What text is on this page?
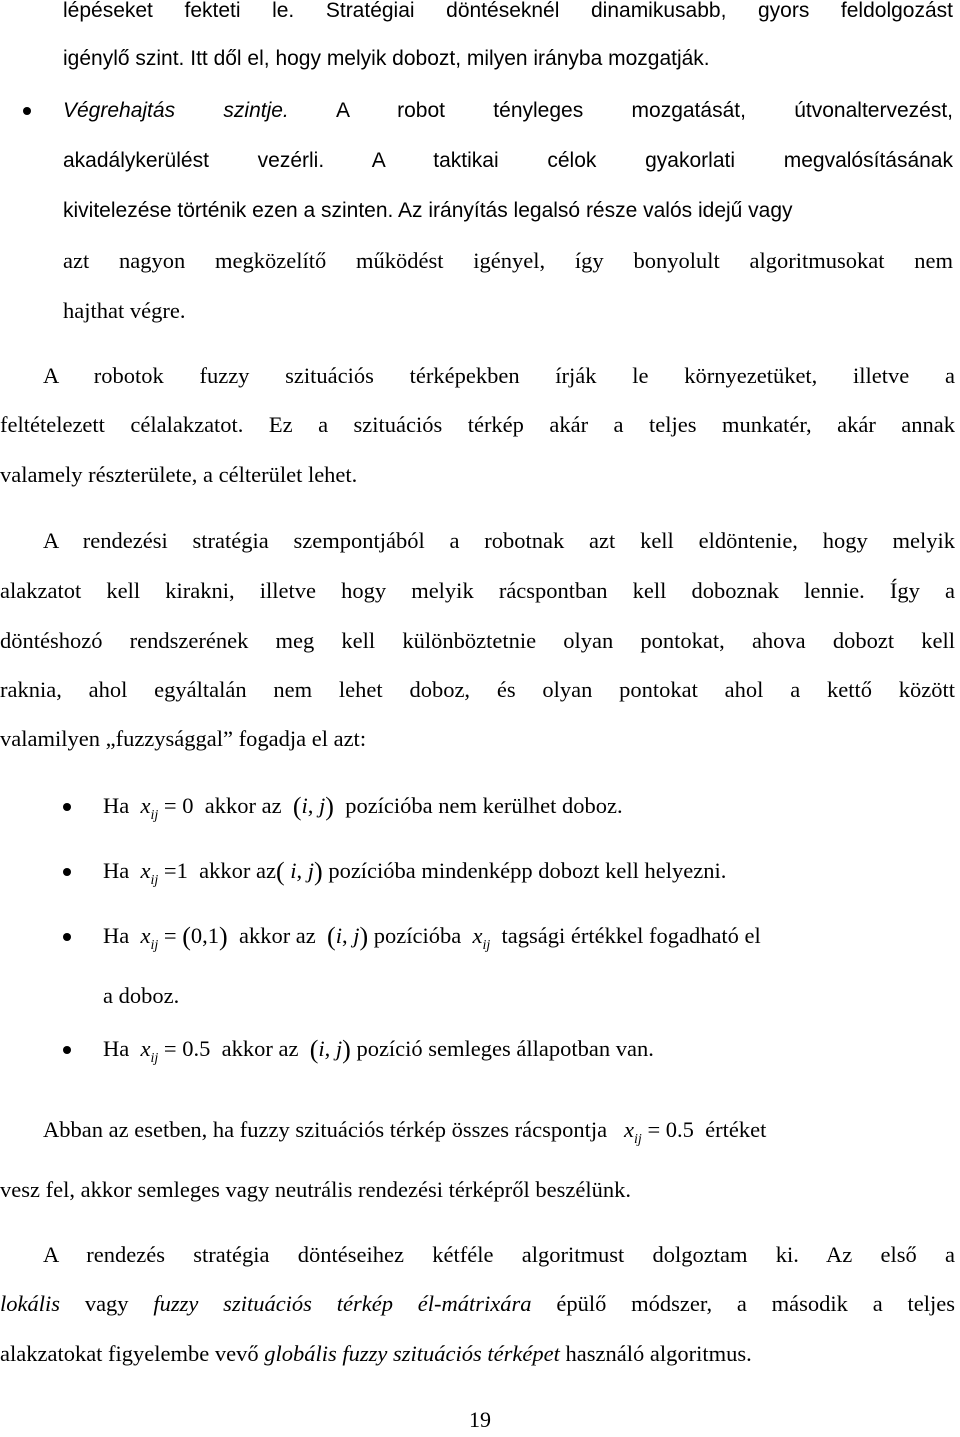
lépéseket fekteti le. Stratégiai döntéseknél dinamikusabb, gyors feldolgozást
igénylő szint. Itt dől el, hogy melyik dobozt, milyen irányba mozgatják.
Végrehajtás szintje. A robot tényleges mozgatását, útvonaltervezést,
akadálykerülést vezérli. A taktikai célok gyakorlati megvalósításának
kivitelezése történik ezen a szinten. Az irányítás legalsó része valós idejű vagy
azt nagyon megközelítő működést igényel, így bonyolult algoritmusokat nem
hajthat végre.
A robotok fuzzy szituációs térképekben írják le környezetüket, illetve a
feltételezett célalakzatot. Ez a szituációs térkép akár a teljes munkatér, akár annak
valamely részterülete, a célterület lehet.
A rendezési stratégia szempontjából a robotnak azt kell eldöntenie, hogy melyik
alakzatot kell kirakni, illetve hogy melyik rácspontban kell doboznak lennie. Így a
döntéshozó rendszerének meg kell különböztetnie olyan pontokat, ahova dobozt kell
raknia, ahol egyáltalán nem lehet doboz, és olyan pontokat ahol a kettő között
valamilyen „fuzzysággal” fogadja el azt:
Ha $x_{ij} = 0$ akkor az (i, j) pozícióba nem kerülhet doboz.
Ha $x_{ij} =1$ akkor az( i, j) pozícióba mindenképp dobozt kell helyezni.
Ha $x_{ij} = (0,1)$ akkor az (i, j) pozícióba $x_{ij}$ tagsági értékkel fogadható el
a doboz.
Ha $x_{ij} = 0.5$ akkor az (i, j) pozíció semleges állapotban van.
Abban az esetben, ha fuzzy szituációs térkép összes rácspontja $x_{ij} = 0.5$ értéket
vesz fel, akkor semleges vagy neutrális rendezési térképről beszélünk.
A rendezés stratégia döntéseihez kétféle algoritmust dolgoztam ki. Az első a
lokális vagy fuzzy szituációs térkép él-mátrixára épülő módszer, a második a teljes
alakzatokat figyelembe vevő globális fuzzy szituációs térképet használó algoritmus.
19
